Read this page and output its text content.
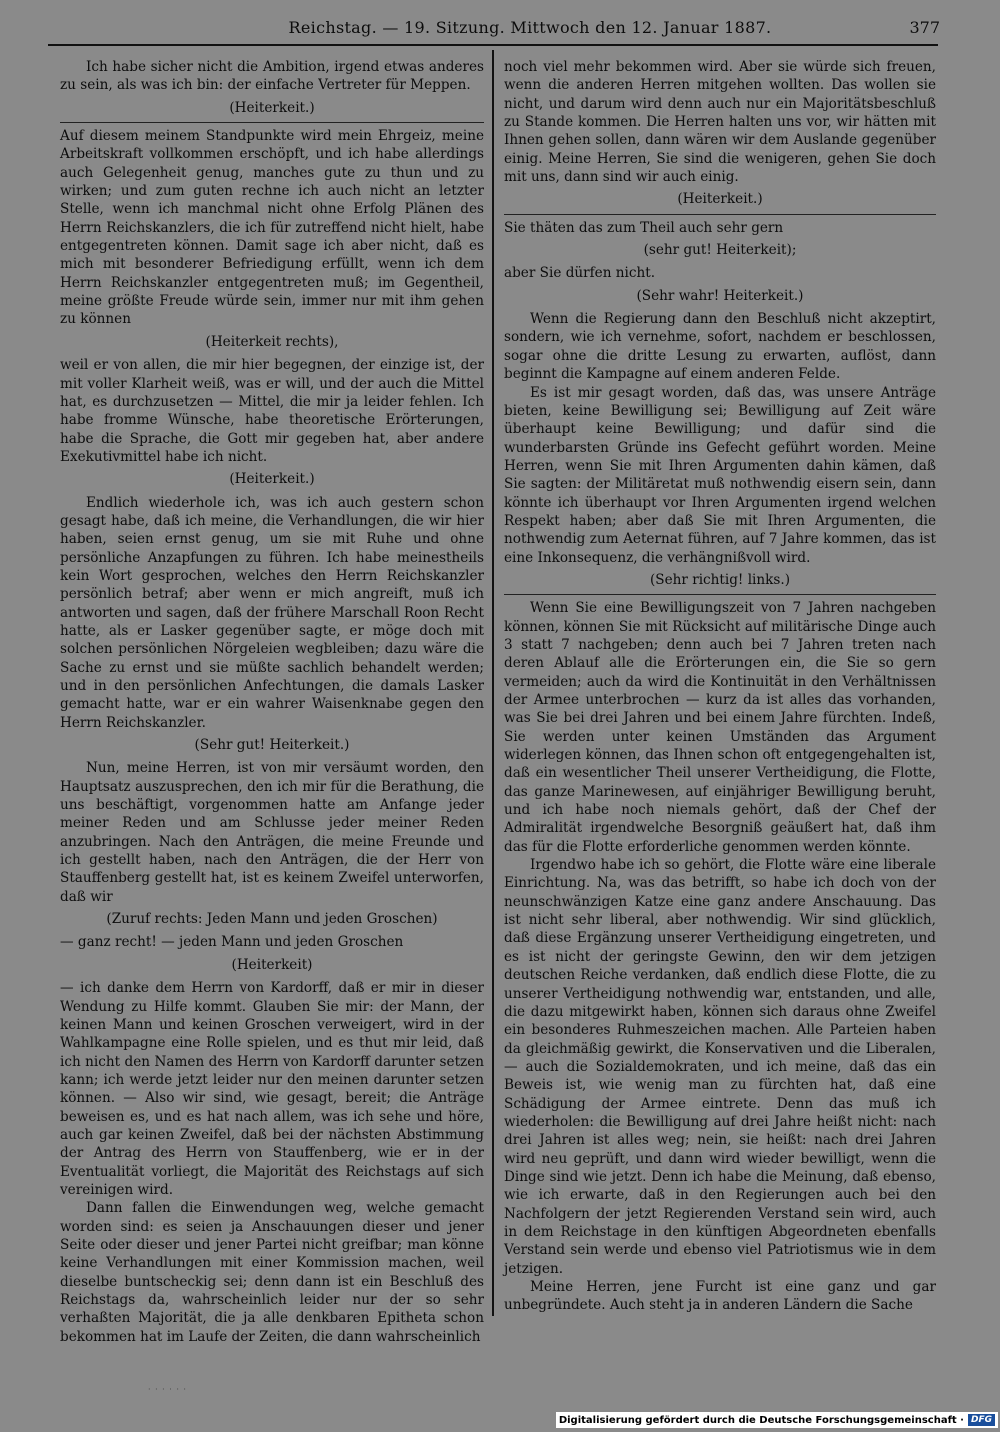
Reichstag. — 19. Sitzung. Mittwoch den 12. Januar 1887.	377

Ich habe sicher nicht die Ambition, irgend etwas anderes zu sein, als was ich bin: der einfache Vertreter für Meppen.

(Heiterkeit.)

Auf diesem meinem Standpunkte wird mein Ehrgeiz, meine Arbeitskraft vollkommen erschöpft, und ich habe allerdings auch Gelegenheit genug, manches gute zu thun und zu wirken; und zum guten rechne ich auch nicht an letzter Stelle, wenn ich manchmal nicht ohne Erfolg Plänen des Herrn Reichskanzlers, die ich für zutreffend nicht hielt, habe entgegentreten können. Damit sage ich aber nicht, daß es mich mit besonderer Befriedigung erfüllt, wenn ich dem Herrn Reichskanzler entgegentreten muß; im Gegentheil, meine größte Freude würde sein, immer nur mit ihm gehen zu können

(Heiterkeit rechts),

weil er von allen, die mir hier begegnen, der einzige ist, der mit voller Klarheit weiß, was er will, und der auch die Mittel hat, es durchzusetzen — Mittel, die mir ja leider fehlen. Ich habe fromme Wünsche, habe theoretische Erörterungen, habe die Sprache, die Gott mir gegeben hat, aber andere Exekutivmittel habe ich nicht.

(Heiterkeit.)

Endlich wiederhole ich, was ich auch gestern schon gesagt habe, daß ich meine, die Verhandlungen, die wir hier haben, seien ernst genug, um sie mit Ruhe und ohne persönliche Anzapfungen zu führen. Ich habe meinestheils kein Wort gesprochen, welches den Herrn Reichskanzler persönlich betraf; aber wenn er mich angreift, muß ich antworten und sagen, daß der frühere Marschall Roon Recht hatte, als er Lasker gegenüber sagte, er möge doch mit solchen persönlichen Nörgeleien wegbleiben; dazu wäre die Sache zu ernst und sie müßte sachlich behandelt werden; und in den persönlichen Anfechtungen, die damals Lasker gemacht hatte, war er ein wahrer Waisenknabe gegen den Herrn Reichskanzler.

(Sehr gut! Heiterkeit.)

Nun, meine Herren, ist von mir versäumt worden, den Hauptsatz auszusprechen, den ich mir für die Berathung, die uns beschäftigt, vorgenommen hatte am Anfange jeder meiner Reden und am Schlusse jeder meiner Reden anzubringen. Nach den Anträgen, die meine Freunde und ich gestellt haben, nach den Anträgen, die der Herr von Stauffenberg gestellt hat, ist es keinem Zweifel unterworfen, daß wir

(Zuruf rechts: Jeden Mann und jeden Groschen)

— ganz recht! — jeden Mann und jeden Groschen

(Heiterkeit)

— ich danke dem Herrn von Kardorff, daß er mir in dieser Wendung zu Hilfe kommt. Glauben Sie mir: der Mann, der keinen Mann und keinen Groschen verweigert, wird in der Wahlkampagne eine Rolle spielen, und es thut mir leid, daß ich nicht den Namen des Herrn von Kardorff darunter setzen kann; ich werde jetzt leider nur den meinen darunter setzen können. — Also wir sind, wie gesagt, bereit; die Anträge beweisen es, und es hat nach allem, was ich sehe und höre, auch gar keinen Zweifel, daß bei der nächsten Abstimmung der Antrag des Herrn von Stauffenberg, wie er in der Eventualität vorliegt, die Majorität des Reichstags auf sich vereinigen wird.

Dann fallen die Einwendungen weg, welche gemacht worden sind: es seien ja Anschauungen dieser und jener Seite oder dieser und jener Partei nicht greifbar; man könne keine Verhandlungen mit einer Kommission machen, weil dieselbe buntscheckig sei; denn dann ist ein Beschluß des Reichstags da, wahrscheinlich leider nur der so sehr verhaßten Majorität, die ja alle denkbaren Epitheta schon bekommen hat im Laufe der Zeiten, die dann wahrscheinlich

noch viel mehr bekommen wird. Aber sie würde sich freuen, wenn die anderen Herren mitgehen wollten. Das wollen sie nicht, und darum wird denn auch nur ein Majoritätsbeschluß zu Stande kommen. Die Herren halten uns vor, wir hätten mit Ihnen gehen sollen, dann wären wir dem Auslande gegenüber einig. Meine Herren, Sie sind die wenigeren, gehen Sie doch mit uns, dann sind wir auch einig.

(Heiterkeit.)

Sie thäten das zum Theil auch sehr gern

(sehr gut! Heiterkeit);

aber Sie dürfen nicht.

(Sehr wahr! Heiterkeit.)

Wenn die Regierung dann den Beschluß nicht akzeptirt, sondern, wie ich vernehme, sofort, nachdem er beschlossen, sogar ohne die dritte Lesung zu erwarten, auflöst, dann beginnt die Kampagne auf einem anderen Felde.

Es ist mir gesagt worden, daß das, was unsere Anträge bieten, keine Bewilligung sei; Bewilligung auf Zeit wäre überhaupt keine Bewilligung; und dafür sind die wunderbarsten Gründe ins Gefecht geführt worden. Meine Herren, wenn Sie mit Ihren Argumenten dahin kämen, daß Sie sagten: der Militäretat muß nothwendig eisern sein, dann könnte ich überhaupt vor Ihren Argumenten irgend welchen Respekt haben; aber daß Sie mit Ihren Argumenten, die nothwendig zum Aeternat führen, auf 7 Jahre kommen, das ist eine Inkonsequenz, die verhängnißvoll wird.

(Sehr richtig! links.)

Wenn Sie eine Bewilligungszeit von 7 Jahren nachgeben können, können Sie mit Rücksicht auf militärische Dinge auch 3 statt 7 nachgeben; denn auch bei 7 Jahren treten nach deren Ablauf alle die Erörterungen ein, die Sie so gern vermeiden; auch da wird die Kontinuität in den Verhältnissen der Armee unterbrochen — kurz da ist alles das vorhanden, was Sie bei drei Jahren und bei einem Jahre fürchten. Indeß, Sie werden unter keinen Umständen das Argument widerlegen können, das Ihnen schon oft entgegengehalten ist, daß ein wesentlicher Theil unserer Vertheidigung, die Flotte, das ganze Marinewesen, auf einjähriger Bewilligung beruht, und ich habe noch niemals gehört, daß der Chef der Admiralität irgendwelche Besorgniß geäußert hat, daß ihm das für die Flotte erforderliche genommen werden könnte.

Irgendwo habe ich so gehört, die Flotte wäre eine liberale Einrichtung. Na, was das betrifft, so habe ich doch von der neunschwänzigen Katze eine ganz andere Anschauung. Das ist nicht sehr liberal, aber nothwendig. Wir sind glücklich, daß diese Ergänzung unserer Vertheidigung eingetreten, und es ist nicht der geringste Gewinn, den wir dem jetzigen deutschen Reiche verdanken, daß endlich diese Flotte, die zu unserer Vertheidigung nothwendig war, entstanden, und alle, die dazu mitgewirkt haben, können sich daraus ohne Zweifel ein besonderes Ruhmeszeichen machen. Alle Parteien haben da gleichmäßig gewirkt, die Konservativen und die Liberalen, — auch die Sozialdemokraten, und ich meine, daß das ein Beweis ist, wie wenig man zu fürchten hat, daß eine Schädigung der Armee eintrete. Denn das muß ich wiederholen: die Bewilligung auf drei Jahre heißt nicht: nach drei Jahren ist alles weg; nein, sie heißt: nach drei Jahren wird neu geprüft, und dann wird wieder bewilligt, wenn die Dinge sind wie jetzt. Denn ich habe die Meinung, daß ebenso, wie ich erwarte, daß in den Regierungen auch bei den Nachfolgern der jetzt Regierenden Verstand sein wird, auch in dem Reichstage in den künftigen Abgeordneten ebenfalls Verstand sein werde und ebenso viel Patriotismus wie in dem jetzigen.

Meine Herren, jene Furcht ist eine ganz und gar unbegründete. Auch steht ja in anderen Ländern die Sache

· · · · · ·
Digitalisierung gefördert durch die Deutsche Forschungsgemeinschaft · DFG
